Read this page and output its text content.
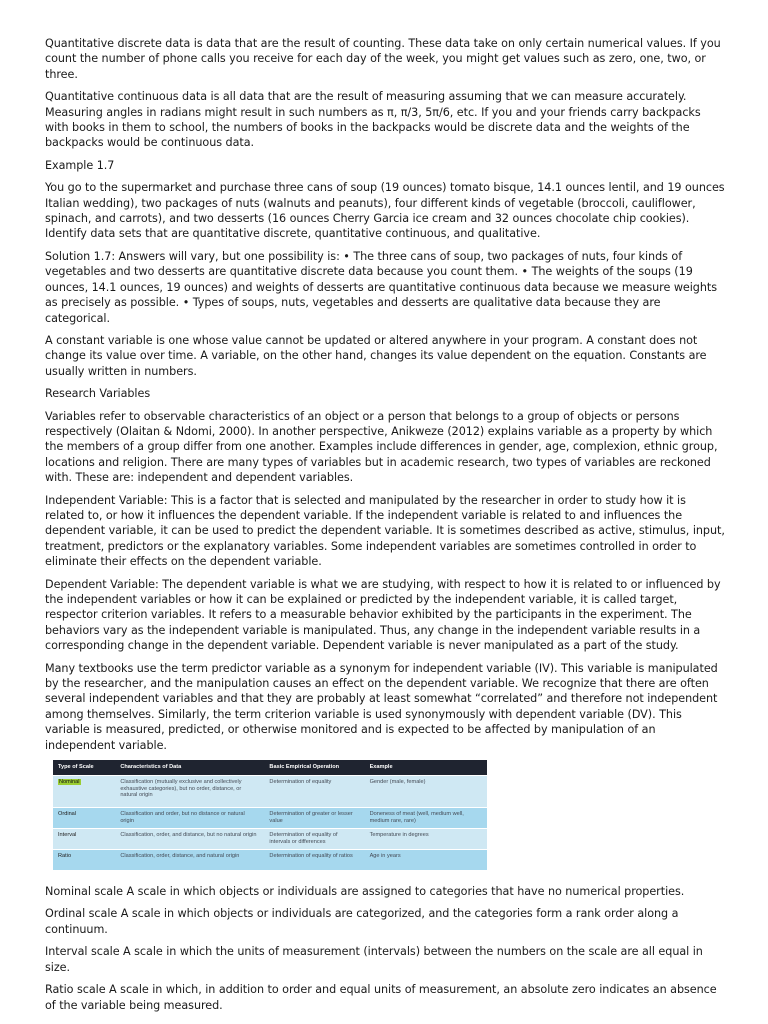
Quantitative discrete data is data that are the result of counting. These data take on only certain numerical values. If you count the number of phone calls you receive for each day of the week, you might get values such as zero, one, two, or three.

Quantitative continuous data is all data that are the result of measuring assuming that we can measure accurately. Measuring angles in radians might result in such numbers as π, π/3, 5π/6, etc. If you and your friends carry backpacks with books in them to school, the numbers of books in the backpacks would be discrete data and the weights of the backpacks would be continuous data.

Example 1.7

You go to the supermarket and purchase three cans of soup (19 ounces) tomato bisque, 14.1 ounces lentil, and 19 ounces Italian wedding), two packages of nuts (walnuts and peanuts), four different kinds of vegetable (broccoli, cauliflower, spinach, and carrots), and two desserts (16 ounces Cherry Garcia ice cream and 32 ounces chocolate chip cookies). Identify data sets that are quantitative discrete, quantitative continuous, and qualitative.

Solution 1.7: Answers will vary, but one possibility is: • The three cans of soup, two packages of nuts, four kinds of vegetables and two desserts are quantitative discrete data because you count them. • The weights of the soups (19 ounces, 14.1 ounces, 19 ounces) and weights of desserts are quantitative continuous data because we measure weights as precisely as possible. • Types of soups, nuts, vegetables and desserts are qualitative data because they are categorical.

A constant variable is one whose value cannot be updated or altered anywhere in your program. A constant does not change its value over time. A variable, on the other hand, changes its value dependent on the equation. Constants are usually written in numbers.

Research Variables

Variables refer to observable characteristics of an object or a person that belongs to a group of objects or persons respectively (Olaitan & Ndomi, 2000). In another perspective, Anikweze (2012) explains variable as a property by which the members of a group differ from one another. Examples include differences in gender, age, complexion, ethnic group, locations and religion. There are many types of variables but in academic research, two types of variables are reckoned with. These are: independent and dependent variables.

Independent Variable: This is a factor that is selected and manipulated by the researcher in order to study how it is related to, or how it influences the dependent variable. If the independent variable is related to and influences the dependent variable, it can be used to predict the dependent variable. It is sometimes described as active, stimulus, input, treatment, predictors or the explanatory variables. Some independent variables are sometimes controlled in order to eliminate their effects on the dependent variable.

Dependent Variable: The dependent variable is what we are studying, with respect to how it is related to or influenced by the independent variables or how it can be explained or predicted by the independent variable, it is called target, respector criterion variables. It refers to a measurable behavior exhibited by the participants in the experiment. The behaviors vary as the independent variable is manipulated. Thus, any change in the independent variable results in a corresponding change in the dependent variable. Dependent variable is never manipulated as a part of the study.

Many textbooks use the term predictor variable as a synonym for independent variable (IV). This variable is manipulated by the researcher, and the manipulation causes an effect on the dependent variable. We recognize that there are often several independent variables and that they are probably at least somewhat “correlated” and therefore not independent among themselves. Similarly, the term criterion variable is used synonymously with dependent variable (DV). This variable is measured, predicted, or otherwise monitored and is expected to be affected by manipulation of an independent variable.

Type of Scale	Characteristics of Data	Basic Empirical Operation	Example
Nominal	Classification (mutually exclusive and collectively exhaustive categories), but no order, distance, or natural origin	Determination of equality	Gender (male, female)
Ordinal	Classification and order, but no distance or natural origin	Determination of greater or lesser value	Doneness of meat (well, medium well, medium rare, rare)
Interval	Classification, order, and distance, but no natural origin	Determination of equality of intervals or differences	Temperature in degrees
Ratio	Classification, order, distance, and natural origin	Determination of equality of ratios	Age in years

Nominal scale A scale in which objects or individuals are assigned to categories that have no numerical properties.

Ordinal scale A scale in which objects or individuals are categorized, and the categories form a rank order along a continuum.

Interval scale A scale in which the units of measurement (intervals) between the numbers on the scale are all equal in size.

Ratio scale A scale in which, in addition to order and equal units of measurement, an absolute zero indicates an absence of the variable being measured.
